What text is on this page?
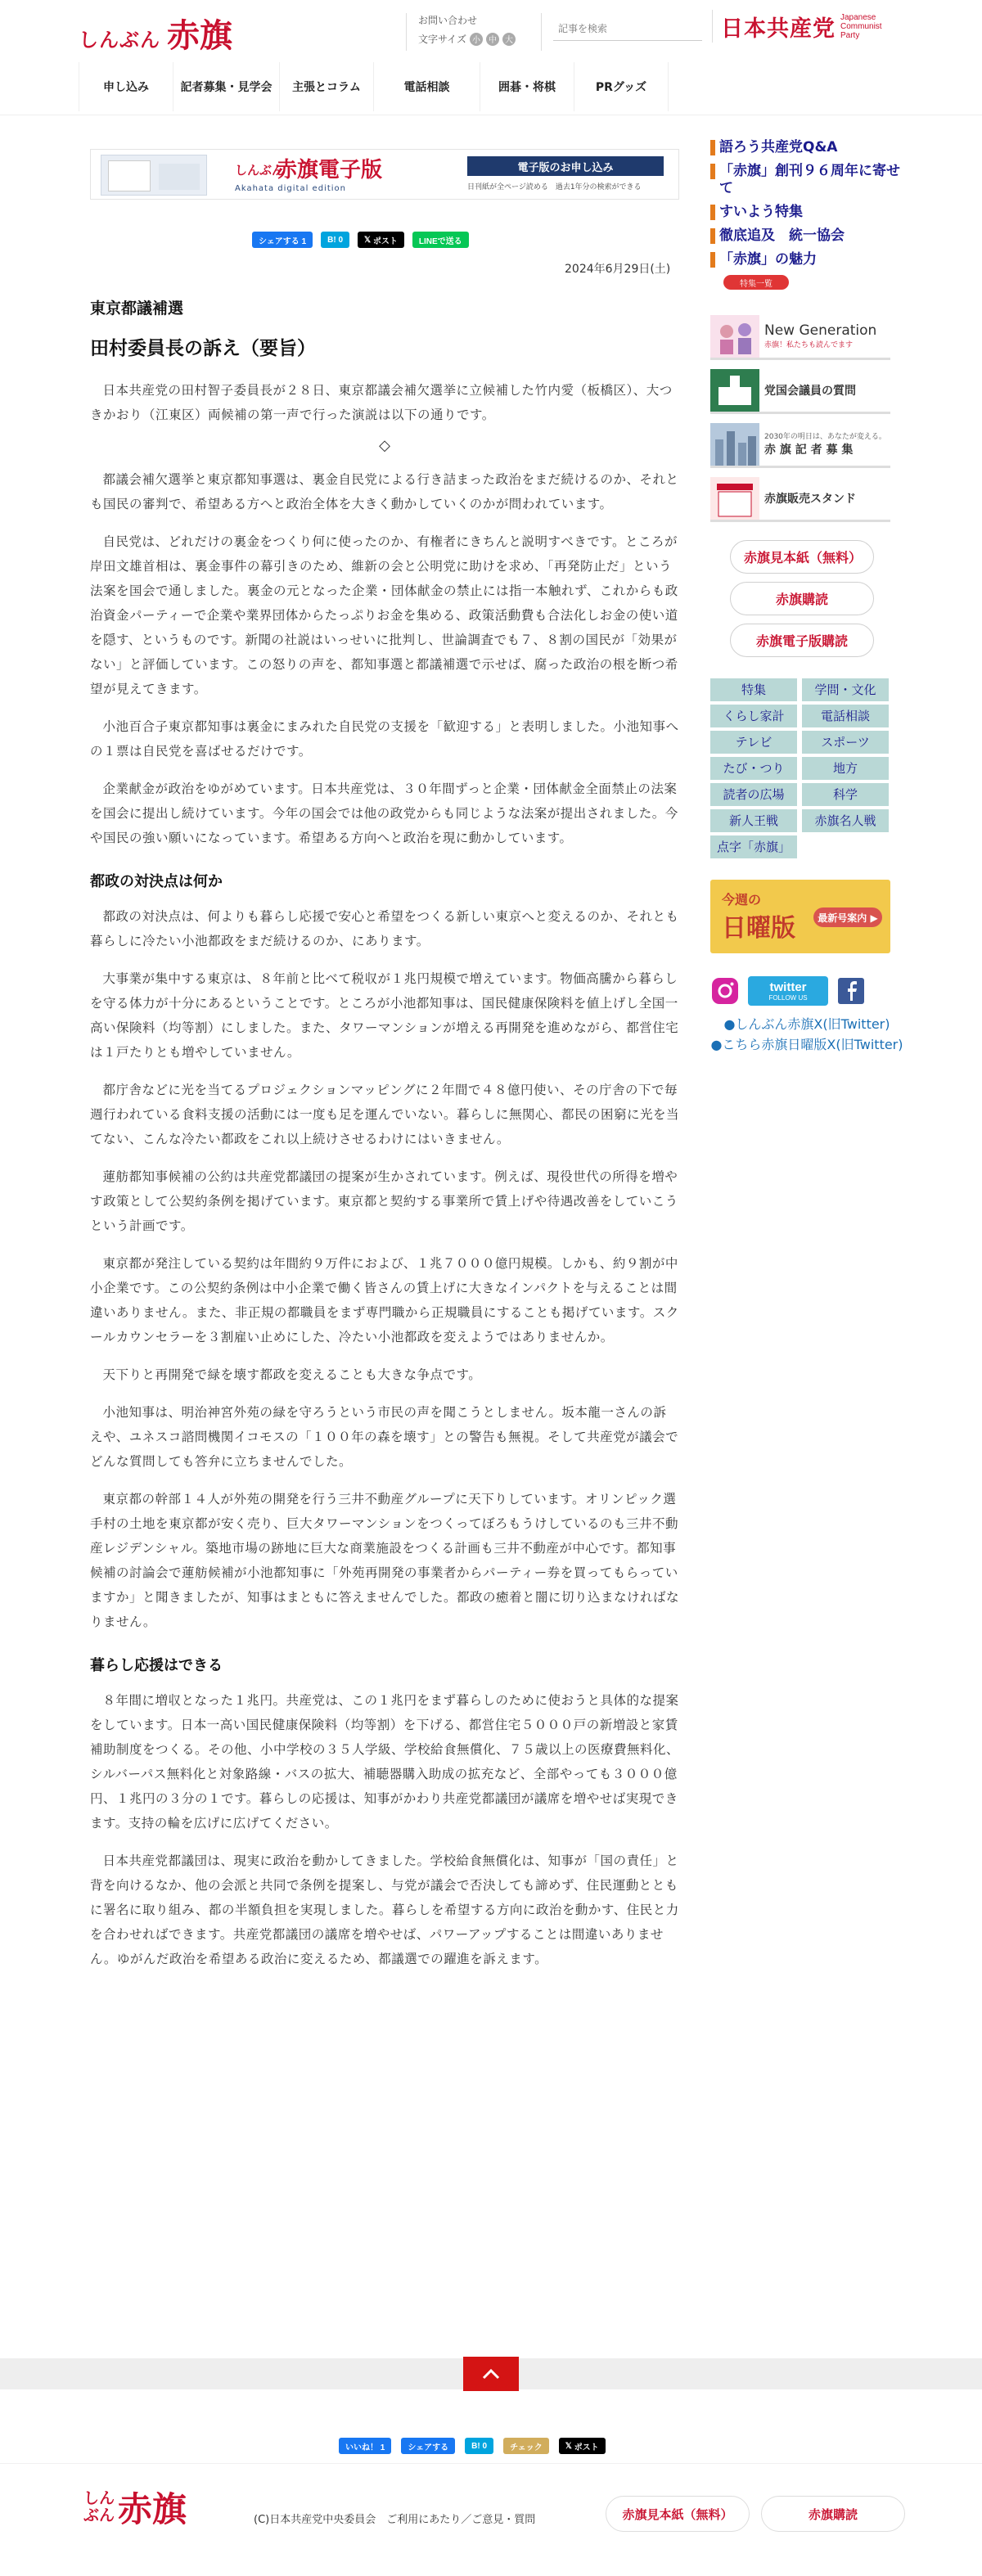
しんぶん 赤旗	お問い合わせ
文字サイズ 小	中	大
記事を検索	日本共産党 Japanese
Communist
Party
申し込み	記者募集・見学会	主張とコラム	電話相談	囲碁・将棋	PRグッズ
しんぶん
赤旗電子版
Akahata digital edition
電子版のお申し込み
日刊紙が全ページ読める　過去1年分の検索ができる
シェアする 1	B! 0	𝕏 ポスト	LINEで送る
2024年6月29日(土)
東京都議補選
田村委員長の訴え（要旨）

日本共産党の田村智子委員長が２８日、東京都議会補欠選挙に立候補した竹内愛（板橋区）、大つきかおり（江東区）両候補の第一声で行った演説は以下の通りです。

◇

都議会補欠選挙と東京都知事選は、裏金自民党による行き詰まった政治をまだ続けるのか、それとも国民の審判で、希望ある方へと政治全体を大きく動かしていくのかが問われています。

自民党は、どれだけの裏金をつくり何に使ったのか、有権者にきちんと説明すべきです。ところが岸田文雄首相は、裏金事件の幕引きのため、維新の会と公明党に助けを求め、「再発防止だ」という法案を国会で通しました。裏金の元となった企業・団体献金の禁止には指一本触れず、これからも政治資金パーティーで企業や業界団体からたっぷりお金を集める、政策活動費も合法化しお金の使い道を隠す、というものです。新聞の社説はいっせいに批判し、世論調査でも７、８割の国民が「効果がない」と評価しています。この怒りの声を、都知事選と都議補選で示せば、腐った政治の根を断つ希望が見えてきます。

小池百合子東京都知事は裏金にまみれた自民党の支援を「歓迎する」と表明しました。小池知事への１票は自民党を喜ばせるだけです。

企業献金が政治をゆがめています。日本共産党は、３０年間ずっと企業・団体献金全面禁止の法案を国会に提出し続けています。今年の国会では他の政党からも同じような法案が提出されました。今や国民の強い願いになっています。希望ある方向へと政治を現に動かしています。

都政の対決点は何か

都政の対決点は、何よりも暮らし応援で安心と希望をつくる新しい東京へと変えるのか、それとも暮らしに冷たい小池都政をまだ続けるのか、にあります。

大事業が集中する東京は、８年前と比べて税収が１兆円規模で増えています。物価高騰から暮らしを守る体力が十分にあるということです。ところが小池都知事は、国民健康保険料を値上げし全国一高い保険料（均等割）にしました。また、タワーマンションが増える再開発を進めながら、都営住宅は１戸たりとも増やしていません。

都庁舎などに光を当てるプロジェクションマッピングに２年間で４８億円使い、その庁舎の下で毎週行われている食料支援の活動には一度も足を運んでいない。暮らしに無関心、都民の困窮に光を当てない、こんな冷たい都政をこれ以上続けさせるわけにはいきません。

蓮舫都知事候補の公約は共産党都議団の提案が生かされています。例えば、現役世代の所得を増やす政策として公契約条例を掲げています。東京都と契約する事業所で賃上げや待遇改善をしていこうという計画です。

東京都が発注している契約は年間約９万件におよび、１兆７０００億円規模。しかも、約９割が中小企業です。この公契約条例は中小企業で働く皆さんの賃上げに大きなインパクトを与えることは間違いありません。また、非正規の都職員をまず専門職から正規職員にすることも掲げています。スクールカウンセラーを３割雇い止めにした、冷たい小池都政を変えようではありませんか。

天下りと再開発で緑を壊す都政を変えることも大きな争点です。

小池知事は、明治神宮外苑の緑を守ろうという市民の声を聞こうとしません。坂本龍一さんの訴えや、ユネスコ諮問機関イコモスの「１００年の森を壊す」との警告も無視。そして共産党が議会でどんな質問しても答弁に立ちませんでした。

東京都の幹部１４人が外苑の開発を行う三井不動産グループに天下りしています。オリンピック選手村の土地を東京都が安く売り、巨大タワーマンションをつくってぼろもうけしているのも三井不動産レジデンシャル。築地市場の跡地に巨大な商業施設をつくる計画も三井不動産が中心です。都知事候補の討論会で蓮舫候補が小池都知事に「外苑再開発の事業者からパーティー券を買ってもらっていますか」と聞きましたが、知事はまともに答えませんでした。都政の癒着と闇に切り込まなければなりません。

暮らし応援はできる

８年間に増収となった１兆円。共産党は、この１兆円をまず暮らしのために使おうと具体的な提案をしています。日本一高い国民健康保険料（均等割）を下げる、都営住宅５０００戸の新増設と家賃補助制度をつくる。その他、小中学校の３５人学級、学校給食無償化、７５歳以上の医療費無料化、シルバーパス無料化と対象路線・バスの拡大、補聴器購入助成の拡充など、全部やっても３０００億円、１兆円の３分の１です。暮らしの応援は、知事がかわり共産党都議団が議席を増やせば実現できます。支持の輪を広げに広げてください。

日本共産党都議団は、現実に政治を動かしてきました。学校給食無償化は、知事が「国の責任」と背を向けるなか、他の会派と共同で条例を提案し、与党が議会で否決しても諦めず、住民運動とともに署名に取り組み、都の半額負担を実現しました。暮らしを希望する方向に政治を動かす、住民と力を合わせればできます。共産党都議団の議席を増やせば、パワーアップすることは間違いありません。ゆがんだ政治を希望ある政治に変えるため、都議選での躍進を訴えます。

語ろう共産党Q&A
「赤旗」創刊９６周年に寄せて
すいよう特集
徹底追及　統一協会
「赤旗」の魅力
特集一覧
New Generation
赤旗！私たちも読んでます
党国会議員の質問
2030年の明日は、あなたが変える。
赤 旗 記 者 募 集
赤旗販売スタンド
赤旗見本紙（無料）
赤旗購読
赤旗電子版購読
特集	学問・文化
くらし家計	電話相談
テレビ	スポーツ
たび・つり	地方
読者の広場	科学
新人王戦	赤旗名人戦
点字「赤旗」
今週の
日曜版	最新号案内 ▶
twitter
FOLLOW US
●しんぶん赤旗X(旧Twitter)
●こちら赤旗日曜版X(旧Twitter)
いいね！ 1	シェアする	B! 0	チェック	𝕏 ポスト
しんぶん 赤旗	(C)日本共産党中央委員会　ご利用にあたり／ご意見・質問	赤旗見本紙（無料）	赤旗購読
